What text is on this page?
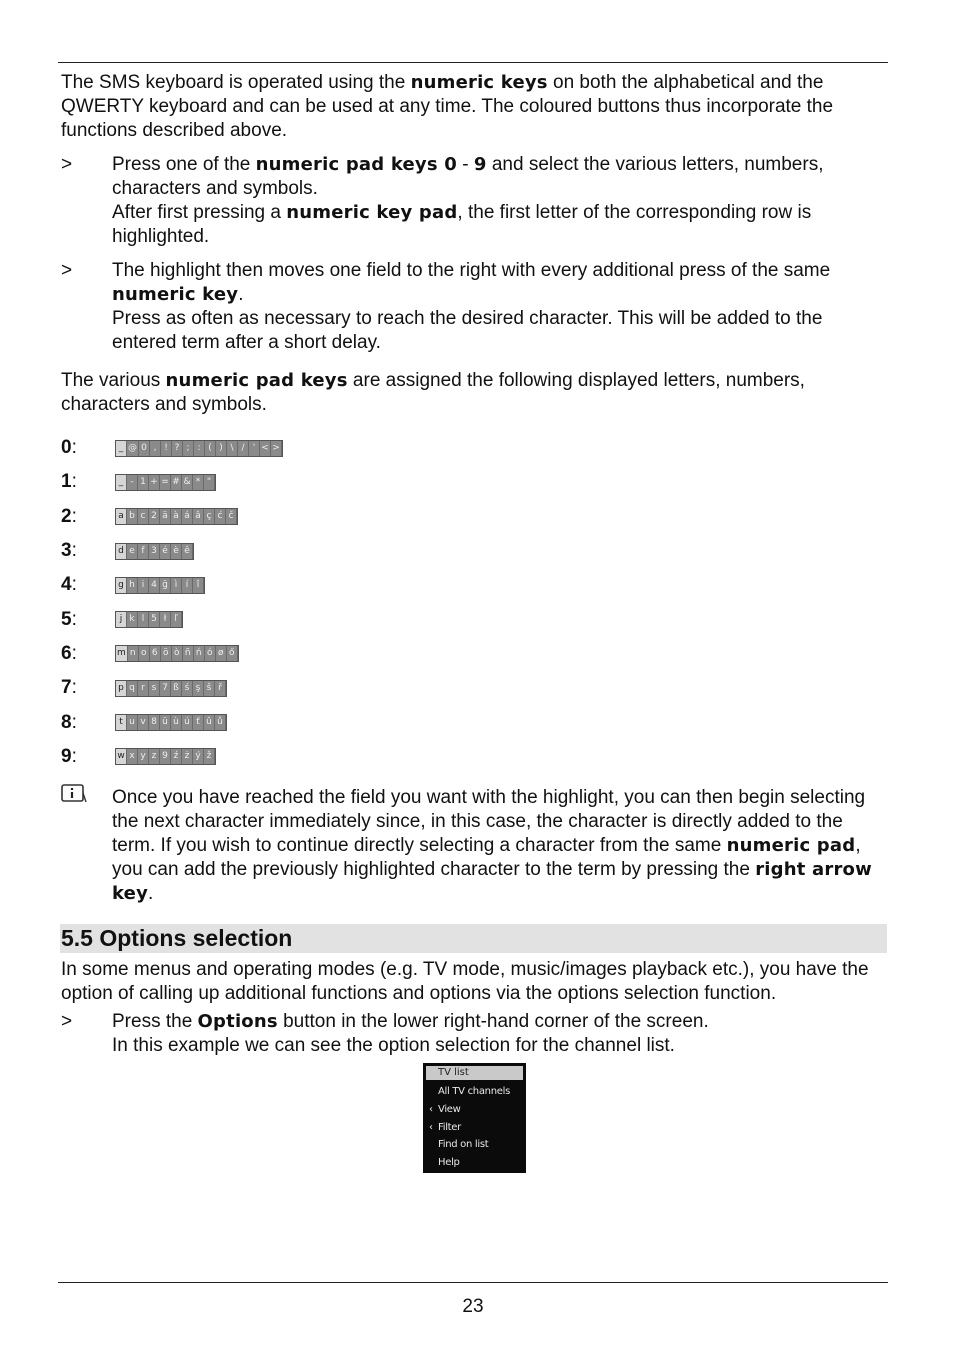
The SMS keyboard is operated using the numeric keys on both the alphabetical and the QWERTY keyboard and can be used at any time. The coloured buttons thus incorporate the functions described above.

> Press one of the numeric pad keys 0 - 9 and select the various letters, numbers, characters and symbols.

After first pressing a numeric key pad, the first letter of the corresponding row is highlighted.

> The highlight then moves one field to the right with every additional press of the same numeric key.

Press as often as necessary to reach the desired character. This will be added to the entered term after a short delay.

The various numeric pad keys are assigned the following displayed letters, numbers, characters and symbols.

0:	_ @ 0 , ! ? ; : ( ) \ / ' < >
1:	_ - 1 + = # & * "
2:	a b c 2 ä à á â ç ć č
3:	d e f 3 é è ê
4:	g h i 4 ğ ì í î
5:	j k l 5 ł ľ
6:	m n o 6 ö ò ñ ń ó ø ő
7:	p q r s 7 ß ś ş š ř
8:	t u v 8 ü ù ú ť û ů
9:	w x y z 9 ź ż ý ž

Once you have reached the field you want with the highlight, you can then begin selecting the next character immediately since, in this case, the character is directly added to the term. If you wish to continue directly selecting a character from the same numeric pad, you can add the previously highlighted character to the term by pressing the right arrow key.

5.5 Options selection

In some menus and operating modes (e.g. TV mode, music/images playback etc.), you have the option of calling up additional functions and options via the options selection function.

> Press the Options button in the lower right-hand corner of the screen.

In this example we can see the option selection for the channel list.

TV list
All TV channels
‹ View
‹ Filter
Find on list
Help
23
